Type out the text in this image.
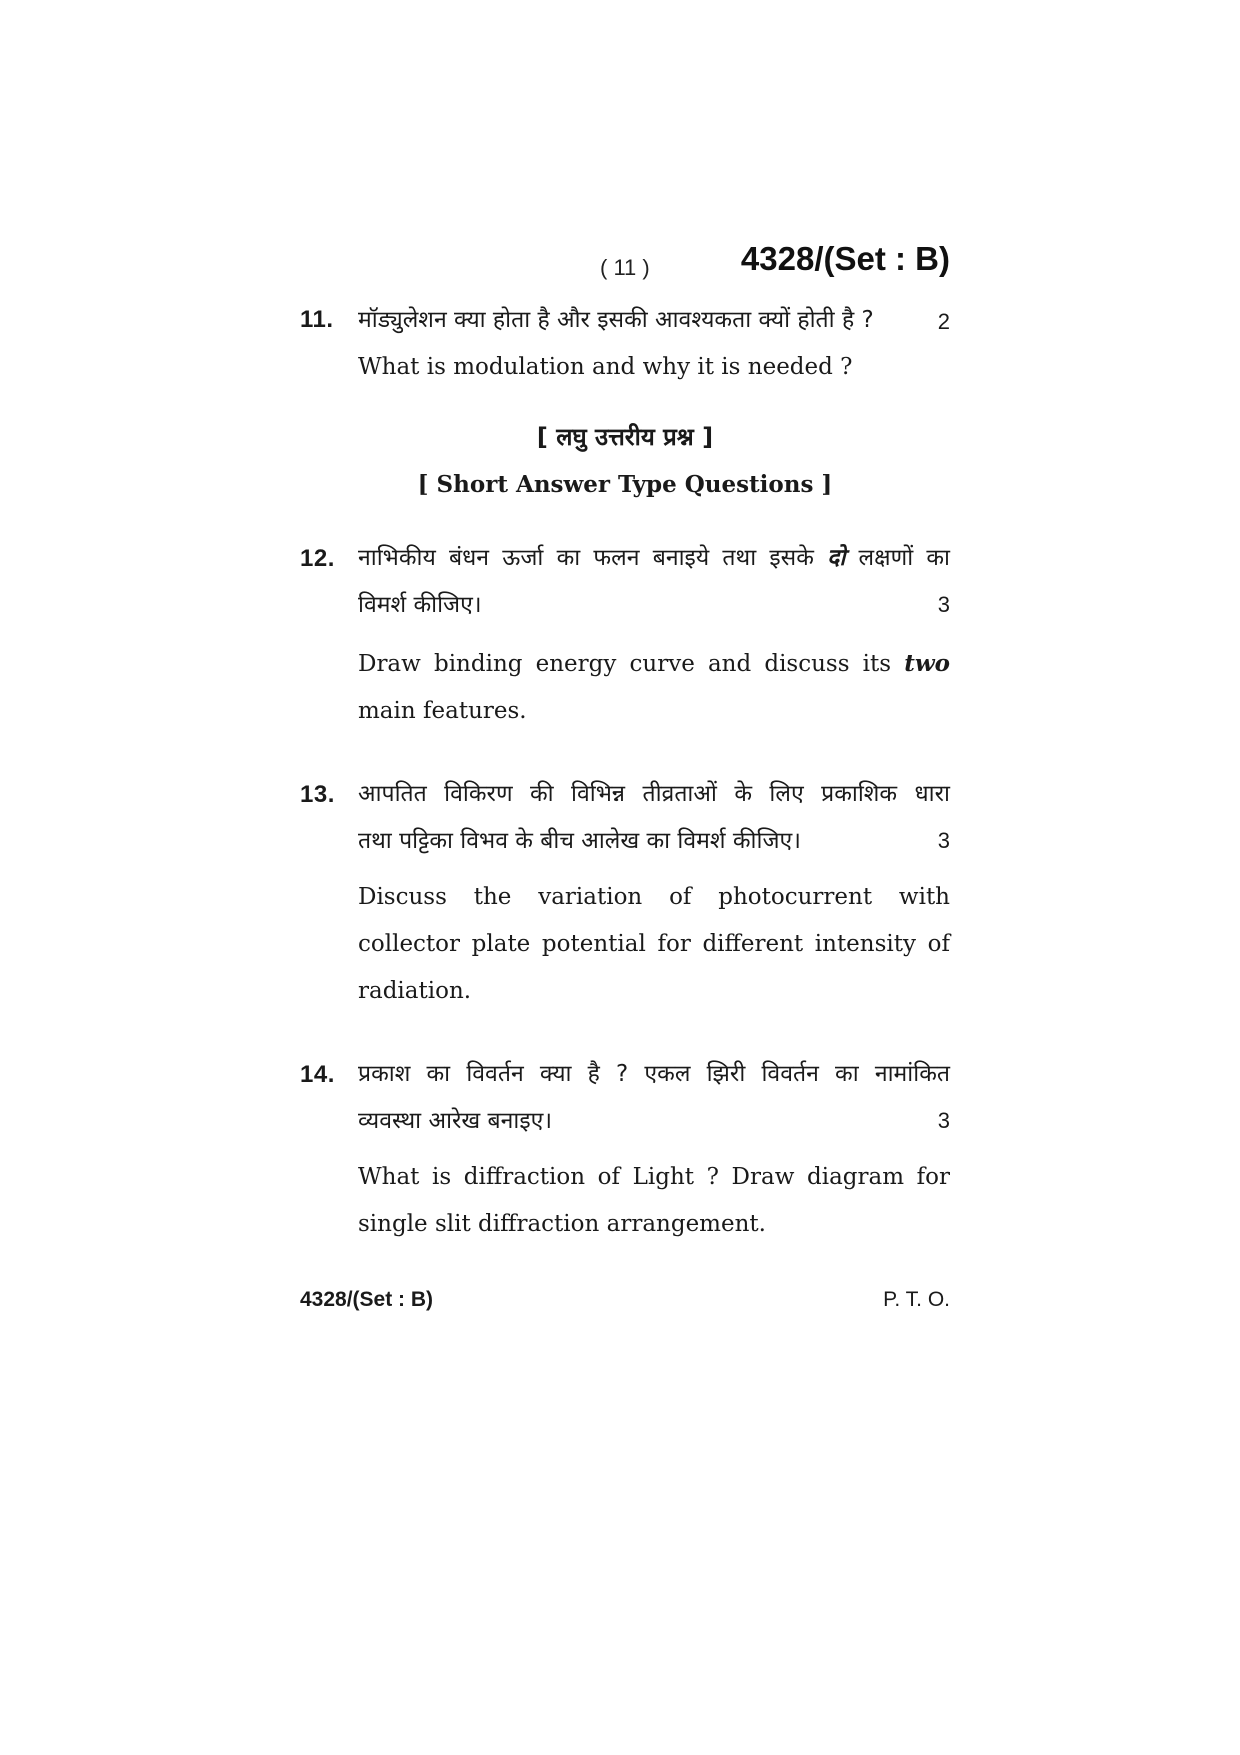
( 11 )	4328/(Set : B)
11. मॉड्युलेशन क्या होता है और इसकी आवश्यकता क्यों होती है ?	2
What is modulation and why it is needed ?
[ लघु उत्तरीय प्रश्न ]
[ Short Answer Type Questions ]
12. नाभिकीय बंधन ऊर्जा का फलन बनाइये तथा इसके दो लक्षणों का
विमर्श कीजिए।	3
Draw binding energy curve and discuss its two main features.
13. आपतित विकिरण की विभिन्न तीव्रताओं के लिए प्रकाशिक धारा
तथा पट्टिका विभव के बीच आलेख का विमर्श कीजिए।	3
Discuss the variation of photocurrent with collector plate potential for different intensity of radiation.
14. प्रकाश का विवर्तन क्या है ? एकल झिरी विवर्तन का नामांकित
व्यवस्था आरेख बनाइए।	3
What is diffraction of Light ? Draw diagram for single slit diffraction arrangement.
4328/(Set : B)	P. T. O.
